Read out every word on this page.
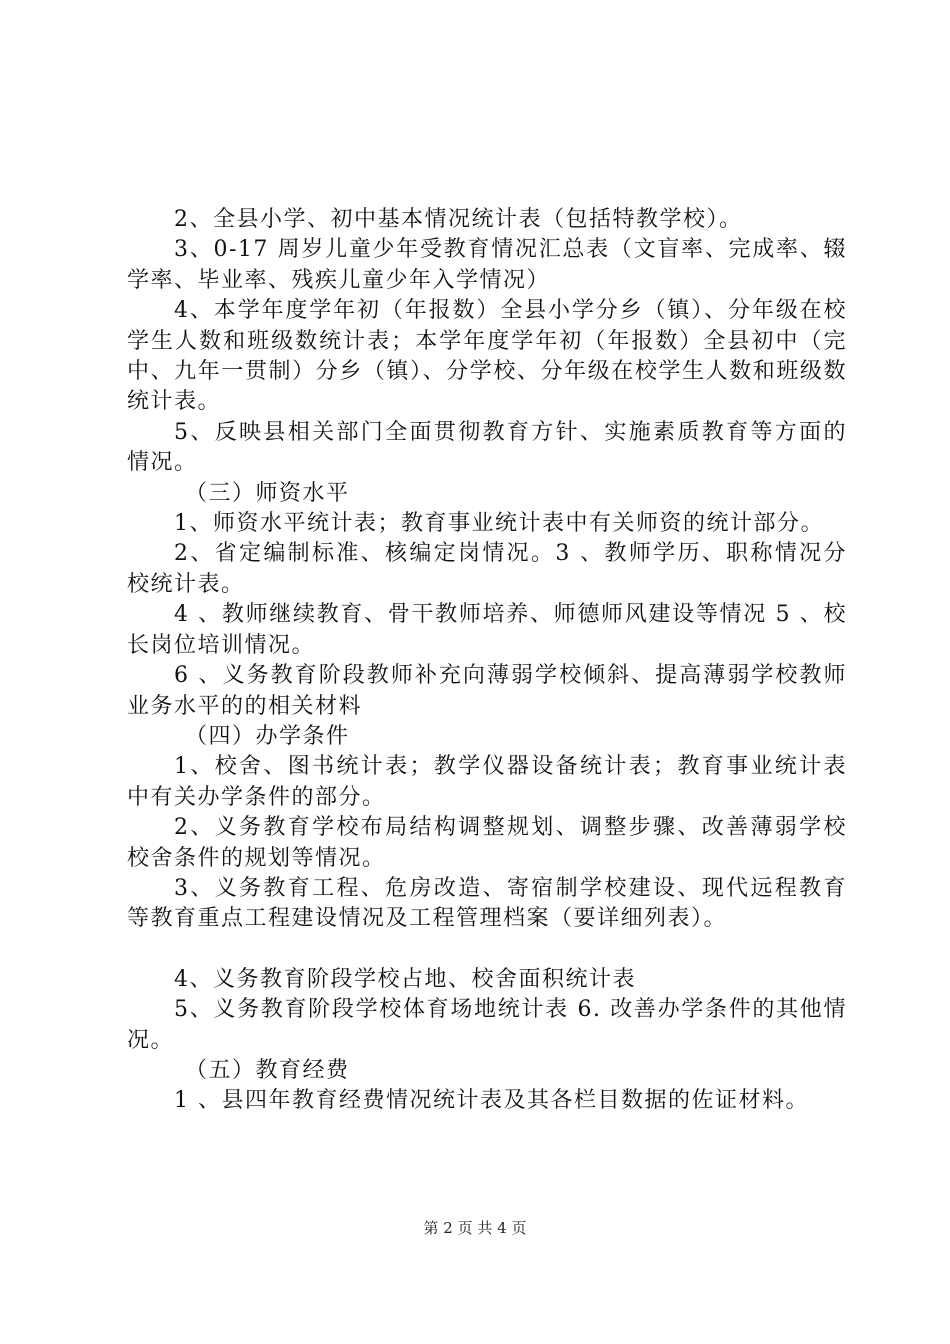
2、全县小学、初中基本情况统计表（包括特教学校）。

3、0-17 周岁儿童少年受教育情况汇总表（文盲率、完成率、辍学率、毕业率、残疾儿童少年入学情况）

4、本学年度学年初（年报数）全县小学分乡（镇）、分年级在校学生人数和班级数统计表；本学年度学年初（年报数）全县初中（完中、九年一贯制）分乡（镇）、分学校、分年级在校学生人数和班级数统计表。

5、反映县相关部门全面贯彻教育方针、实施素质教育等方面的情况。

（三）师资水平

1、师资水平统计表；教育事业统计表中有关师资的统计部分。

2、省定编制标准、核编定岗情况。3 、教师学历、职称情况分校统计表。

4 、教师继续教育、骨干教师培养、师德师风建设等情况 5 、校长岗位培训情况。

6 、义务教育阶段教师补充向薄弱学校倾斜、提高薄弱学校教师业务水平的的相关材料

（四）办学条件

1、校舍、图书统计表；教学仪器设备统计表；教育事业统计表中有关办学条件的部分。

2、义务教育学校布局结构调整规划、调整步骤、改善薄弱学校校舍条件的规划等情况。

3、义务教育工程、危房改造、寄宿制学校建设、现代远程教育等教育重点工程建设情况及工程管理档案（要详细列表）。

4、义务教育阶段学校占地、校舍面积统计表

5、义务教育阶段学校体育场地统计表 6. 改善办学条件的其他情况。

（五）教育经费

1 、县四年教育经费情况统计表及其各栏目数据的佐证材料。

第 2 页 共 4 页
